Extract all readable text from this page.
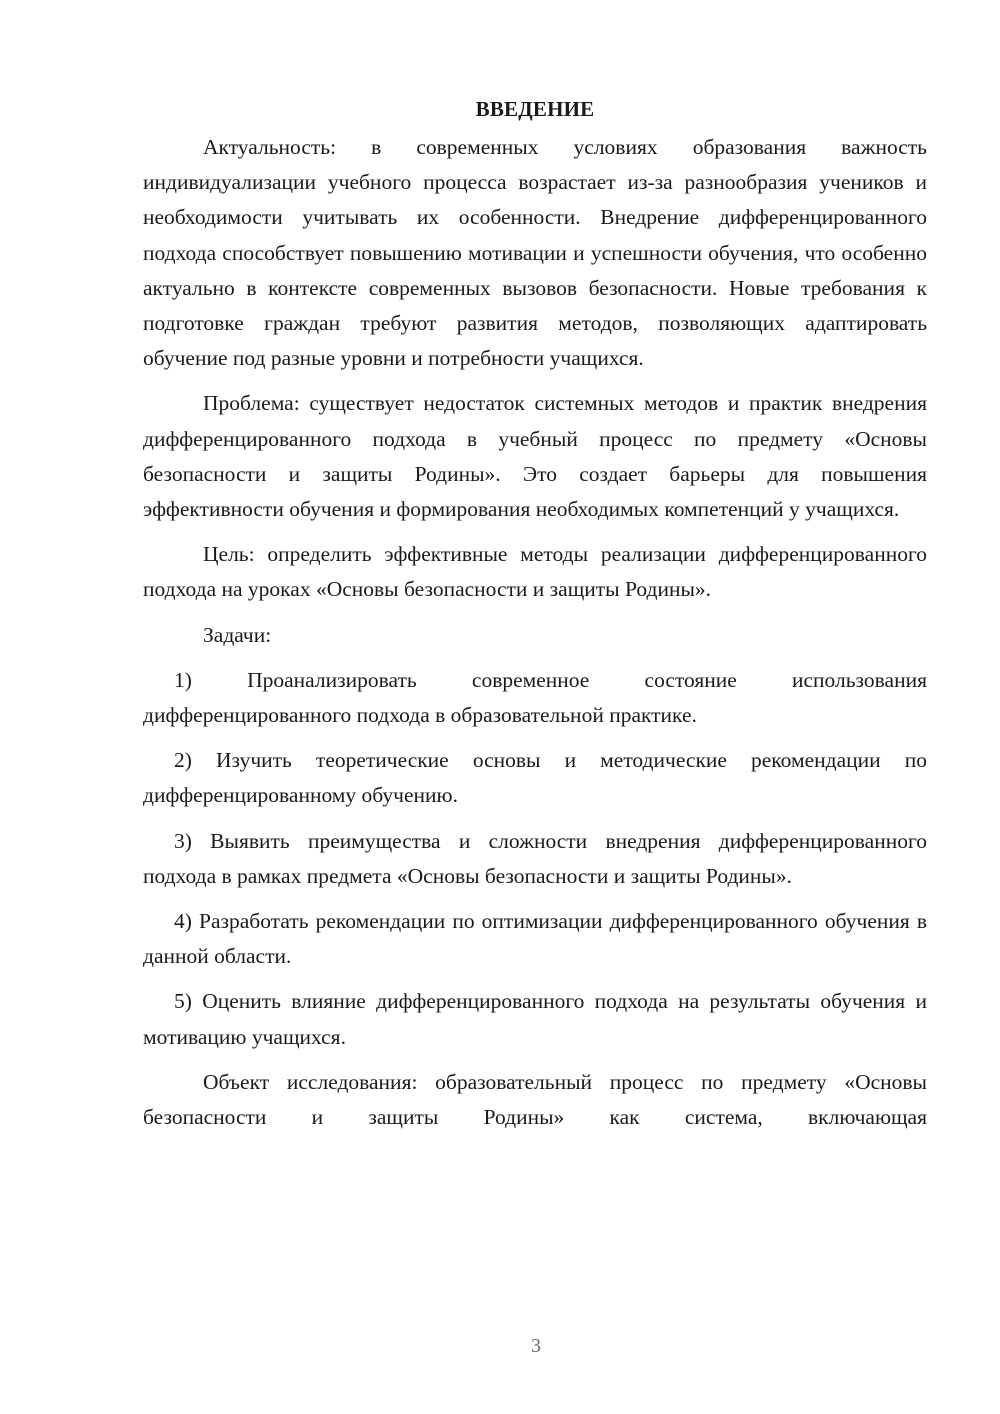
ВВЕДЕНИЕ

Актуальность: в современных условиях образования важность индивидуализации учебного процесса возрастает из-за разнообразия учеников и необходимости учитывать их особенности. Внедрение дифференцированного подхода способствует повышению мотивации и успешности обучения, что особенно актуально в контексте современных вызовов безопасности. Новые требования к подготовке граждан требуют развития методов, позволяющих адаптировать обучение под разные уровни и потребности учащихся.

Проблема: существует недостаток системных методов и практик внедрения дифференцированного подхода в учебный процесс по предмету «Основы безопасности и защиты Родины». Это создает барьеры для повышения эффективности обучения и формирования необходимых компетенций у учащихся.

Цель: определить эффективные методы реализации дифференцированного подхода на уроках «Основы безопасности и защиты Родины».

Задачи:

1) Проанализировать современное состояние использования дифференцированного подхода в образовательной практике.

2) Изучить теоретические основы и методические рекомендации по дифференцированному обучению.

3) Выявить преимущества и сложности внедрения дифференцированного подхода в рамках предмета «Основы безопасности и защиты Родины».

4) Разработать рекомендации по оптимизации дифференцированного обучения в данной области.

5) Оценить влияние дифференцированного подхода на результаты обучения и мотивацию учащихся.

Объект исследования: образовательный процесс по предмету «Основы безопасности и защиты Родины» как система, включающая

3
